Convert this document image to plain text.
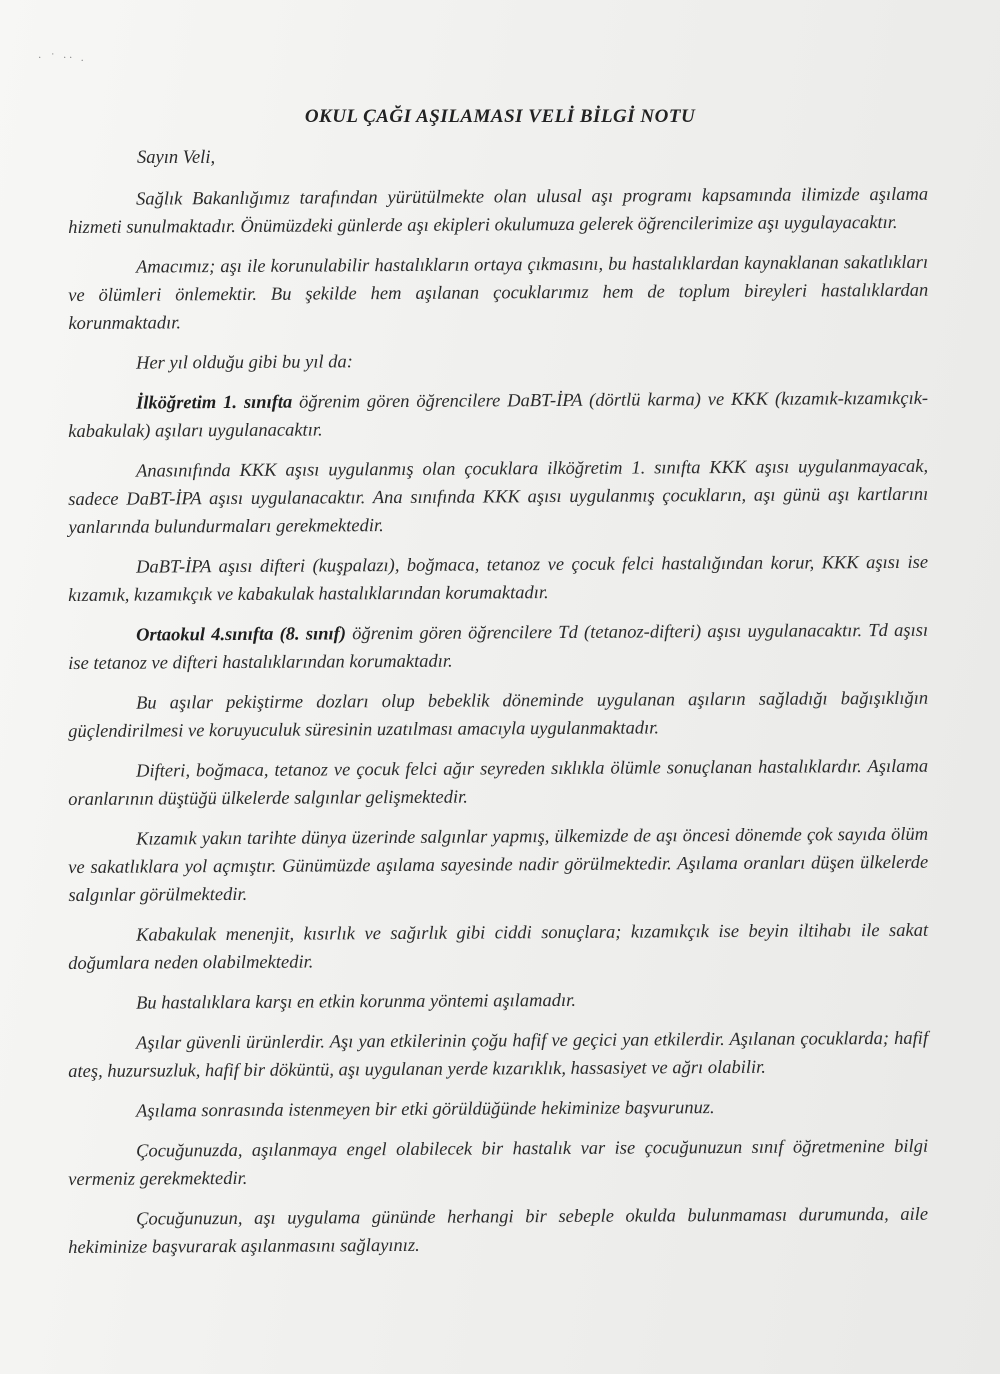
· ˙ ·· .
OKUL ÇAĞI AŞILAMASI VELİ BİLGİ NOTU
Sayın Veli,

Sağlık Bakanlığımız tarafından yürütülmekte olan ulusal aşı programı kapsamında ilimizde aşılama hizmeti sunulmaktadır. Önümüzdeki günlerde aşı ekipleri okulumuza gelerek öğrencilerimize aşı uygulayacaktır.

Amacımız; aşı ile korunulabilir hastalıkların ortaya çıkmasını, bu hastalıklardan kaynaklanan sakatlıkları ve ölümleri önlemektir. Bu şekilde hem aşılanan çocuklarımız hem de toplum bireyleri hastalıklardan korunmaktadır.

Her yıl olduğu gibi bu yıl da:

İlköğretim 1. sınıfta öğrenim gören öğrencilere DaBT-İPA (dörtlü karma) ve KKK (kızamık-kızamıkçık-kabakulak) aşıları uygulanacaktır.

Anasınıfında KKK aşısı uygulanmış olan çocuklara ilköğretim 1. sınıfta KKK aşısı uygulanmayacak, sadece DaBT-İPA aşısı uygulanacaktır. Ana sınıfında KKK aşısı uygulanmış çocukların, aşı günü aşı kartlarını yanlarında bulundurmaları gerekmektedir.

DaBT-İPA aşısı difteri (kuşpalazı), boğmaca, tetanoz ve çocuk felci hastalığından korur, KKK aşısı ise kızamık, kızamıkçık ve kabakulak hastalıklarından korumaktadır.

Ortaokul 4.sınıfta (8. sınıf) öğrenim gören öğrencilere Td (tetanoz-difteri) aşısı uygulanacaktır. Td aşısı ise tetanoz ve difteri hastalıklarından korumaktadır.

Bu aşılar pekiştirme dozları olup bebeklik döneminde uygulanan aşıların sağladığı bağışıklığın güçlendirilmesi ve koruyuculuk süresinin uzatılması amacıyla uygulanmaktadır.

Difteri, boğmaca, tetanoz ve çocuk felci ağır seyreden sıklıkla ölümle sonuçlanan hastalıklardır. Aşılama oranlarının düştüğü ülkelerde salgınlar gelişmektedir.

Kızamık yakın tarihte dünya üzerinde salgınlar yapmış, ülkemizde de aşı öncesi dönemde çok sayıda ölüm ve sakatlıklara yol açmıştır. Günümüzde aşılama sayesinde nadir görülmektedir. Aşılama oranları düşen ülkelerde salgınlar görülmektedir.

Kabakulak menenjit, kısırlık ve sağırlık gibi ciddi sonuçlara; kızamıkçık ise beyin iltihabı ile sakat doğumlara neden olabilmektedir.

Bu hastalıklara karşı en etkin korunma yöntemi aşılamadır.

Aşılar güvenli ürünlerdir. Aşı yan etkilerinin çoğu hafif ve geçici yan etkilerdir. Aşılanan çocuklarda; hafif ateş, huzursuzluk, hafif bir döküntü, aşı uygulanan yerde kızarıklık, hassasiyet ve ağrı olabilir.

Aşılama sonrasında istenmeyen bir etki görüldüğünde hekiminize başvurunuz.

Çocuğunuzda, aşılanmaya engel olabilecek bir hastalık var ise çocuğunuzun sınıf öğretmenine bilgi vermeniz gerekmektedir.

Çocuğunuzun, aşı uygulama gününde herhangi bir sebeple okulda bulunmaması durumunda, aile hekiminize başvurarak aşılanmasını sağlayınız.
